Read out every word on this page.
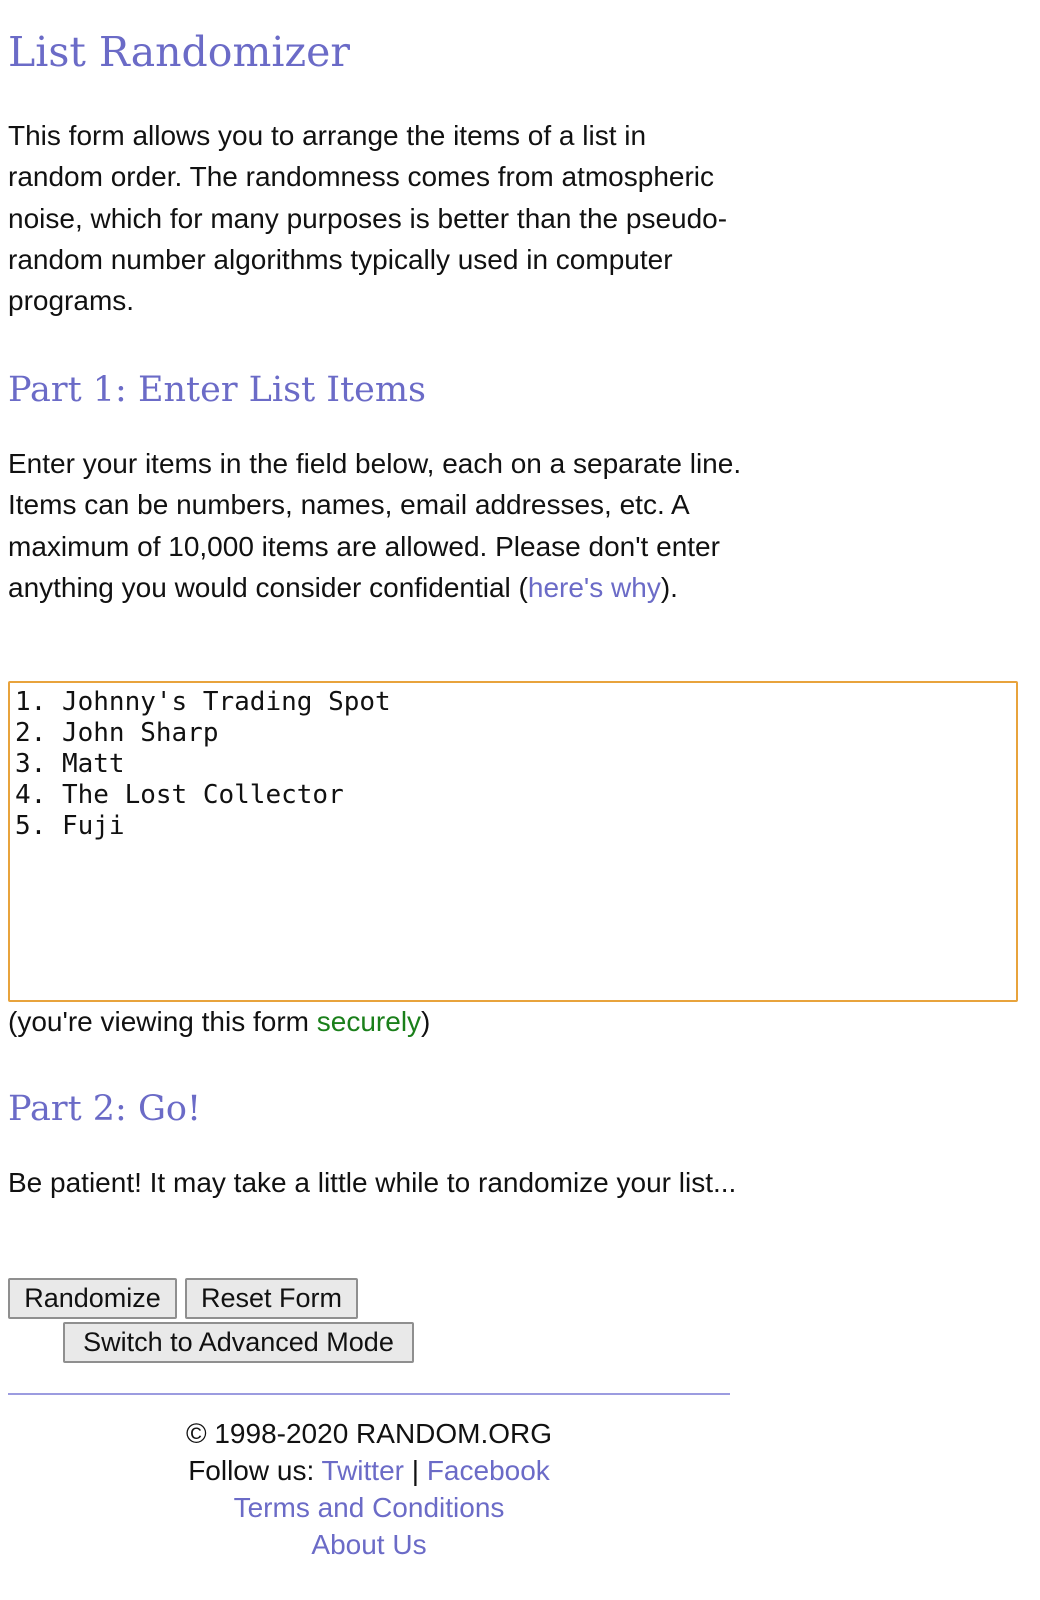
List Randomizer

This form allows you to arrange the items of a list in random order. The randomness comes from atmospheric noise, which for many purposes is better than the pseudo-random number algorithms typically used in computer programs.

Part 1: Enter List Items

Enter your items in the field below, each on a separate line. Items can be numbers, names, email addresses, etc. A maximum of 10,000 items are allowed. Please don't enter anything you would consider confidential (here's why).

1. Johnny's Trading Spot 2. John Sharp 3. Matt 4. The Lost Collector 5. Fuji

(you're viewing this form securely)

Part 2: Go!

Be patient! It may take a little while to randomize your list...

Randomize	Reset Form
Switch to Advanced Mode
© 1998-2020 RANDOM.ORG
Follow us: Twitter | Facebook
Terms and Conditions
About Us
